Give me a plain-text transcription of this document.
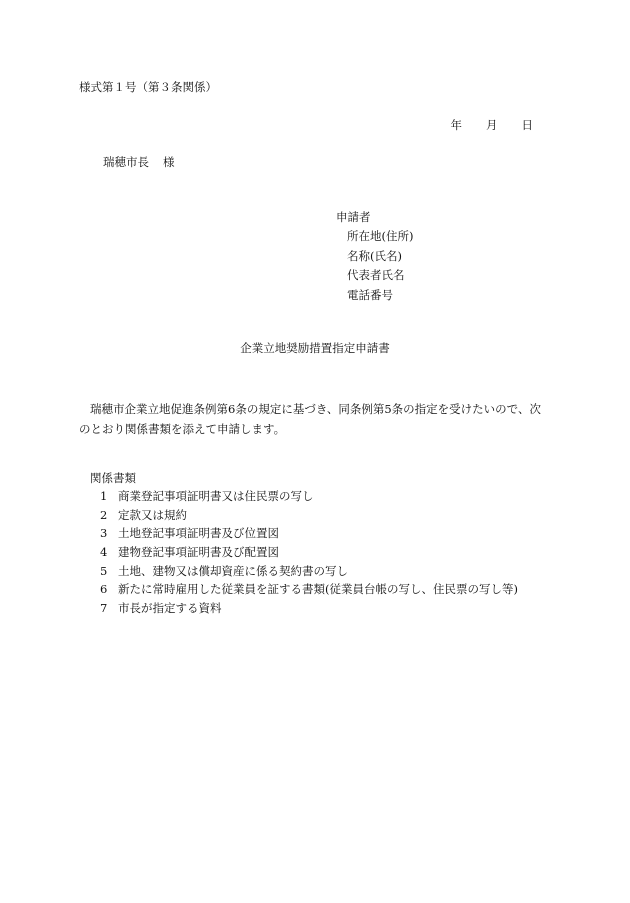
様式第１号（第３条関係）
年 月 日
瑞穂市長 様
申請者
所在地(住所)
名称(氏名)
代表者氏名
電話番号
企業立地奨励措置指定申請書
瑞穂市企業立地促進条例第6条の規定に基づき、同条例第5条の指定を受けたいので、次のとおり関係書類を添えて申請します。
関係書類
1 商業登記事項証明書又は住民票の写し
2 定款又は規約
3 土地登記事項証明書及び位置図
4 建物登記事項証明書及び配置図
5 土地、建物又は償却資産に係る契約書の写し
6 新たに常時雇用した従業員を証する書類(従業員台帳の写し、住民票の写し等)
7 市長が指定する資料
